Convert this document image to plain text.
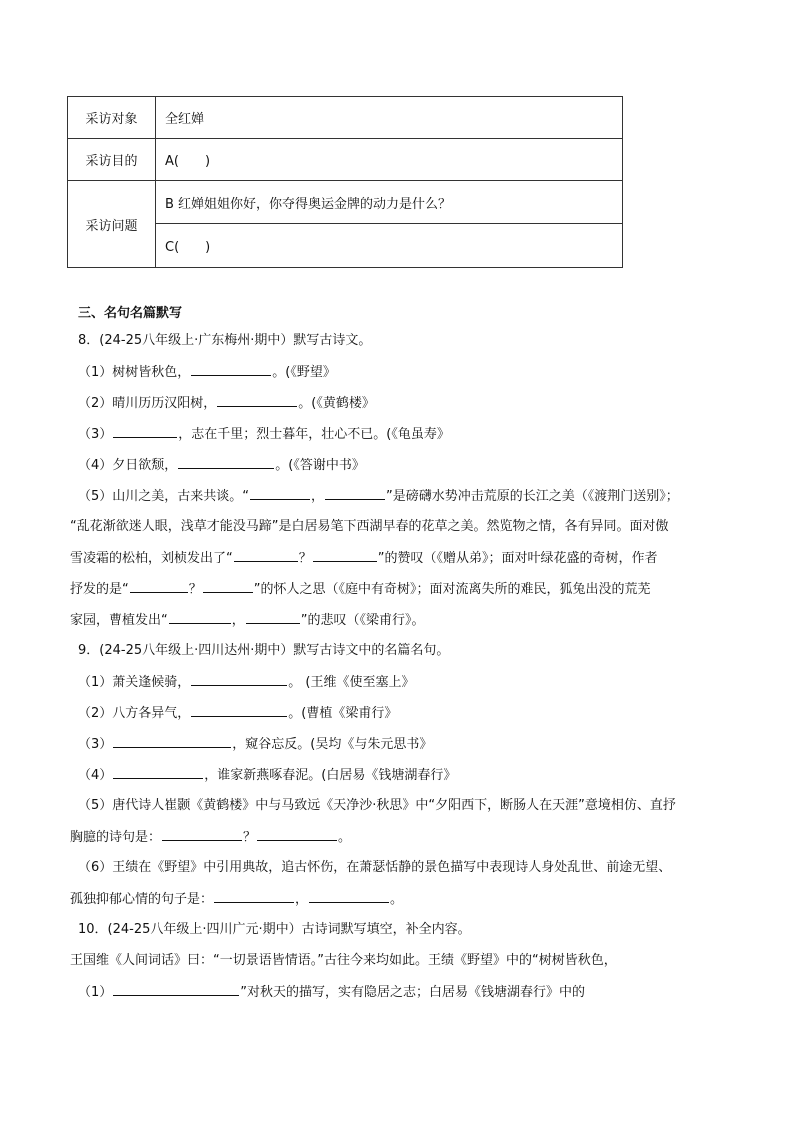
采访对象	全红婵
采访目的	A(　　)
采访问题	B 红婵姐姐你好，你夺得奥运金牌的动力是什么？
	C(　　)
三、名句名篇默写
8．(24-25八年级上·广东梅州·期中）默写古诗文。
（1）树树皆秋色，	。(《野望》
（2）晴川历历汉阳树，	。(《黄鹤楼》
（3）	，志在千里；烈士暮年，壮心不已。(《龟虽寿》
（4）夕日欲颓，	。(《答谢中书》
（5）山川之美，古来共谈。“	，	”是磅礴水势冲击荒原的长江之美（《渡荆门送别》；
“乱花渐欲迷人眼，浅草才能没马蹄”是白居易笔下西湖早春的花草之美。然览物之情，各有异同。面对傲
雪凌霜的松柏，刘桢发出了“	？	”的赞叹（《赠从弟》；面对叶绿花盛的奇树，作者
抒发的是“	？	”的怀人之思（《庭中有奇树》；面对流离失所的难民，狐兔出没的荒芜
家园，曹植发出“	，	”的悲叹（《梁甫行》。
9．(24-25八年级上·四川达州·期中）默写古诗文中的名篇名句。
（1）萧关逢候骑，	。 (王维《使至塞上》
（2）八方各异气，	。(曹植《梁甫行》
（3）	，窥谷忘反。(吴均《与朱元思书》
（4）	，谁家新燕啄春泥。(白居易《钱塘湖春行》
（5）唐代诗人崔颢《黄鹤楼》中与马致远《天净沙·秋思》中“夕阳西下，断肠人在天涯”意境相仿、直抒
胸臆的诗句是：	？	。
（6）王绩在《野望》中引用典故，追古怀伤，在萧瑟恬静的景色描写中表现诗人身处乱世、前途无望、
孤独抑郁心情的句子是：	，	。
10．(24-25八年级上·四川广元·期中）古诗词默写填空，补全内容。
王国维《人间词话》曰：“一切景语皆情语。”古往今来均如此。王绩《野望》中的“树树皆秋色，
（1）	”对秋天的描写，实有隐居之志；白居易《钱塘湖春行》中的
